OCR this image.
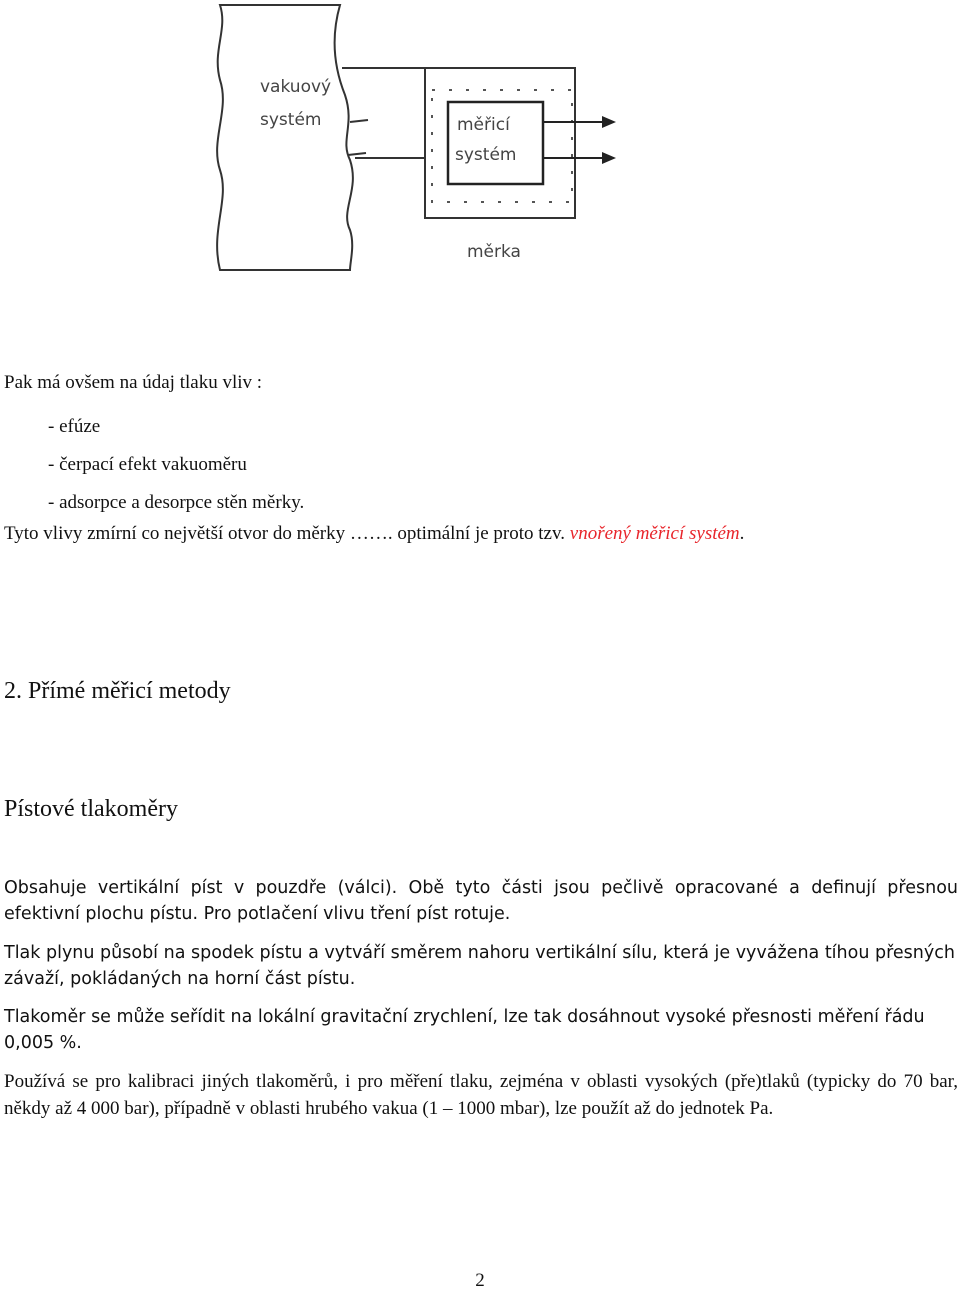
vakuový
systém	měřicí
systém
měrka
Pak má ovšem na údaj tlaku vliv :
- efúze
- čerpací efekt vakuoměru
- adsorpce a desorpce stěn měrky.
Tyto vlivy zmírní co největší otvor do měrky ……. optimální je proto tzv. vnořený měřicí systém.
2. Přímé měřicí metody
Pístové tlakoměry
Obsahuje vertikální píst v pouzdře (válci). Obě tyto části jsou pečlivě opracované a definují přesnou efektivní plochu pístu. Pro potlačení vlivu tření píst rotuje.
Tlak plynu působí na spodek pístu a vytváří směrem nahoru vertikální sílu, která je vyvážena tíhou přesných závaží, pokládaných na horní část pístu.
Tlakoměr se může seřídit na lokální gravitační zrychlení, lze tak dosáhnout vysoké přesnosti měření řádu 0,005 %.
Používá se pro kalibraci jiných tlakoměrů, i pro měření tlaku, zejména v oblasti vysokých (pře)tlaků (typicky do 70 bar, někdy až 4 000 bar), případně v oblasti hrubého vakua (1 – 1000 mbar), lze použít až do jednotek Pa.
2
